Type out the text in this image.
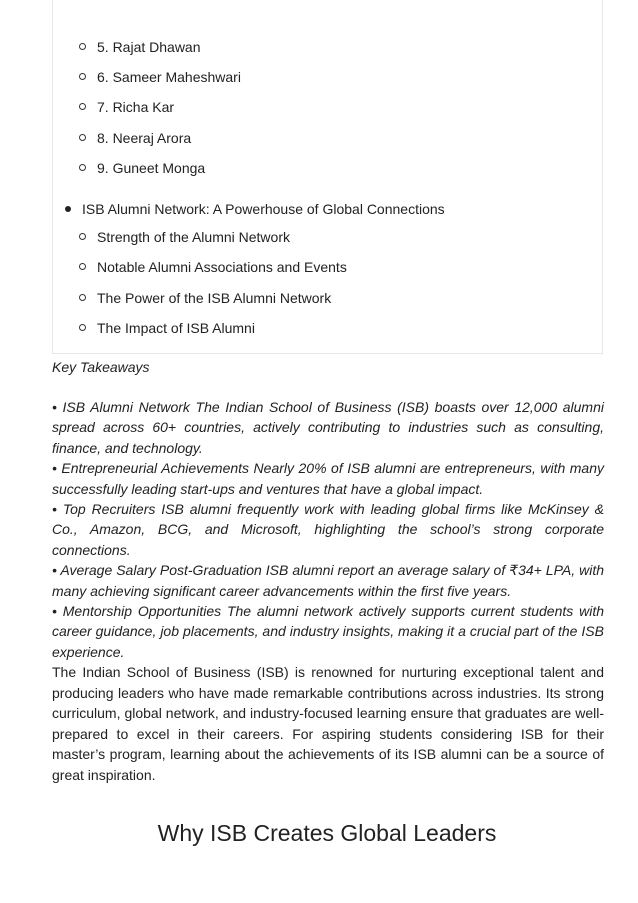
5. Rajat Dhawan
6. Sameer Maheshwari
7. Richa Kar
8. Neeraj Arora
9. Guneet Monga
ISB Alumni Network: A Powerhouse of Global Connections
Strength of the Alumni Network
Notable Alumni Associations and Events
The Power of the ISB Alumni Network
The Impact of ISB Alumni
Key Takeaways

• ISB Alumni Network The Indian School of Business (ISB) boasts over 12,000 alumni spread across 60+ countries, actively contributing to industries such as consulting, finance, and technology.

• Entrepreneurial Achievements Nearly 20% of ISB alumni are entrepreneurs, with many successfully leading start-ups and ventures that have a global impact.

• Top Recruiters ISB alumni frequently work with leading global firms like McKinsey & Co., Amazon, BCG, and Microsoft, highlighting the school’s strong corporate connections.

• Average Salary Post-Graduation ISB alumni report an average salary of ₹34+ LPA, with many achieving significant career advancements within the first five years.

• Mentorship Opportunities The alumni network actively supports current students with career guidance, job placements, and industry insights, making it a crucial part of the ISB experience.

The Indian School of Business (ISB) is renowned for nurturing exceptional talent and producing leaders who have made remarkable contributions across industries. Its strong curriculum, global network, and industry-focused learning ensure that graduates are well-prepared to excel in their careers. For aspiring students considering ISB for their master’s program, learning about the achievements of its ISB alumni can be a source of great inspiration.

Why ISB Creates Global Leaders
